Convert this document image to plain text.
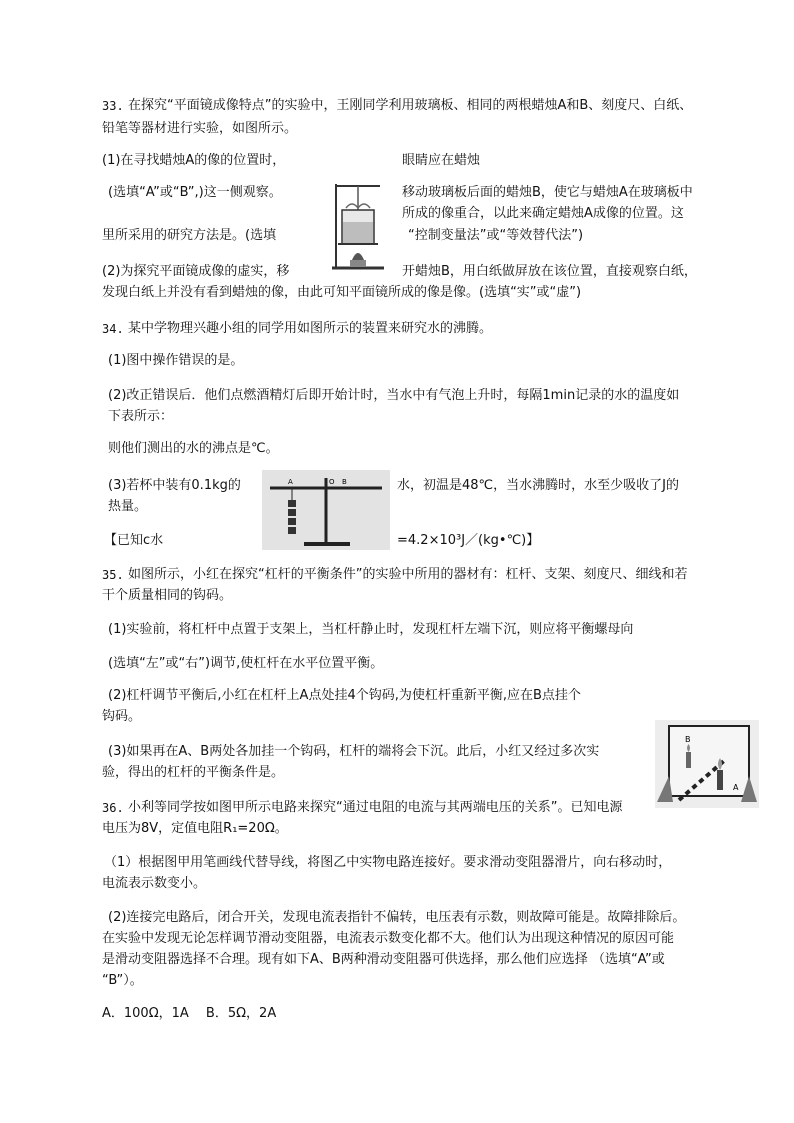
33. 在探究“平面镜成像特点”的实验中，王刚同学利用玻璃板、相同的两根蜡烛A和B、刻度尺、白纸、
铅笔等器材进行实验，如图所示。
(1)在寻找蜡烛A的像的位置时，	眼睛应在蜡烛
(选填“A”或“B”,)这一侧观察。	移动玻璃板后面的蜡烛B，使它与蜡烛A在玻璃板中
所成的像重合，以此来确定蜡烛A成像的位置。这
里所采用的研究方法是。(选填	“控制变量法”或“等效替代法”)
(2)为探究平面镜成像的虚实，移	开蜡烛B，用白纸做屏放在该位置，直接观察白纸，
发现白纸上并没有看到蜡烛的像，由此可知平面镜所成的像是像。(选填“实”或“虚”)
34. 某中学物理兴趣小组的同学用如图所示的装置来研究水的沸腾。
(1)图中操作错误的是。
(2)改正错误后．他们点燃酒精灯后即开始计时，当水中有气泡上升时，每隔1min记录的水的温度如
下表所示：
则他们测出的水的沸点是℃。
(3)若杯中装有0.1kg的	水，初温是48℃，当水沸腾时，水至少吸收了J的
热量。
【已知c水	=4.2×10³J／(kg•℃)】
A	O B
35. 如图所示，小红在探究“杠杆的平衡条件”的实验中所用的器材有：杠杆、支架、刻度尺、细线和若
干个质量相同的钩码。
(1)实验前，将杠杆中点置于支架上，当杠杆静止时，发现杠杆左端下沉，则应将平衡螺母向
(选填“左”或“右”)调节,使杠杆在水平位置平衡。
(2)杠杆调节平衡后,小红在杠杆上A点处挂4个钩码,为使杠杆重新平衡,应在B点挂个
钩码。
(3)如果再在A、B两处各加挂一个钩码，杠杆的端将会下沉。此后，小红又经过多次实
验，得出的杠杆的平衡条件是。
B
A
36. 小利等同学按如图甲所示电路来探究“通过电阻的电流与其两端电压的关系”。已知电源
电压为8V，定值电阻R₁=20Ω。
（1）根据图甲用笔画线代替导线，将图乙中实物电路连接好。要求滑动变阻器滑片，向右移动时，
电流表示数变小。
(2)连接完电路后，闭合开关，发现电流表指针不偏转，电压表有示数，则故障可能是。故障排除后。
在实验中发现无论怎样调节滑动变阻器，电流表示数变化都不大。他们认为出现这种情况的原因可能
是滑动变阻器选择不合理。现有如下A、B两种滑动变阻器可供选择，那么他们应选择 （选填“A”或
“B”）。
A．100Ω，1A　 B．5Ω，2A
